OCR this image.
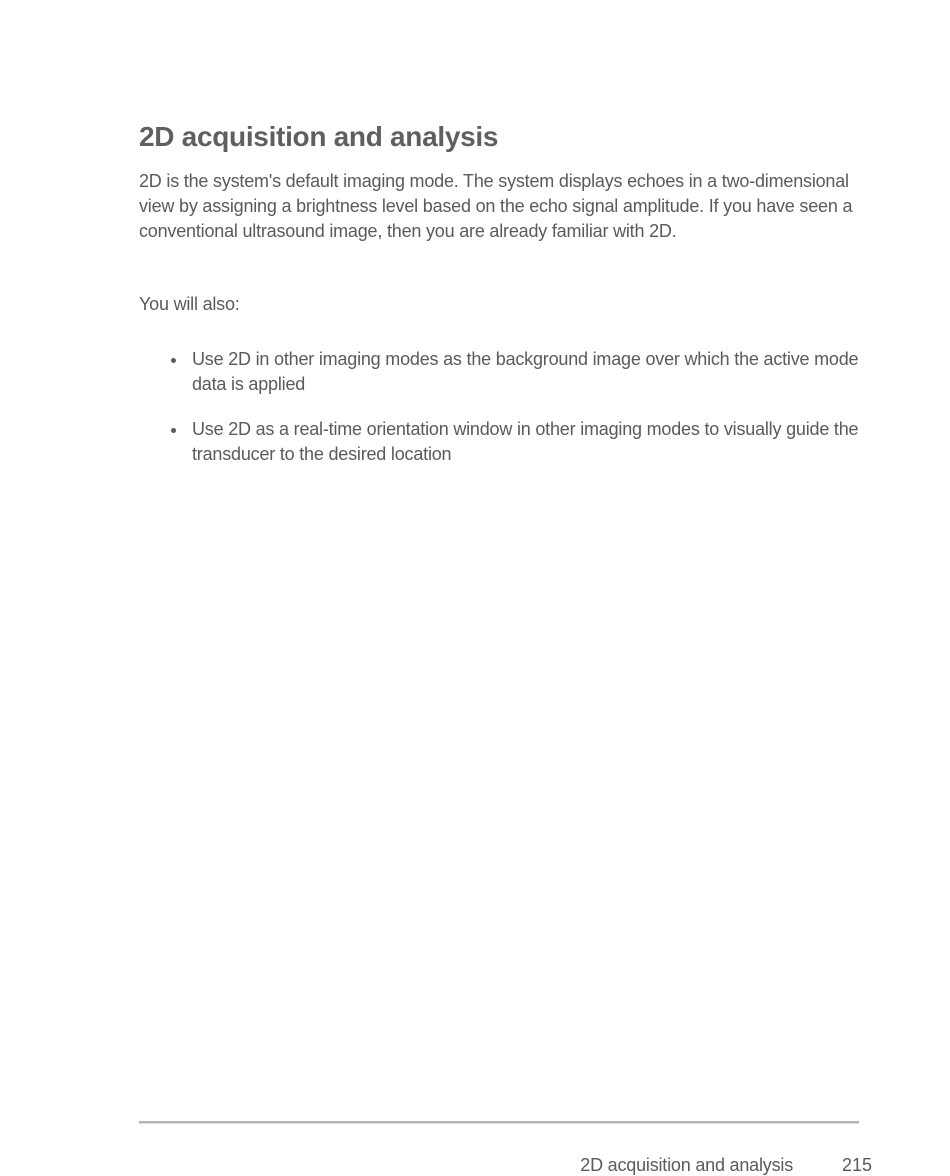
2D acquisition and analysis

2D is the system's default imaging mode. The system displays echoes in a two-dimensional view by assigning a brightness level based on the echo signal amplitude. If you have seen a conventional ultrasound image, then you are already familiar with 2D.

You will also:

Use 2D in other imaging modes as the background image over which the active mode data is applied
Use 2D as a real-time orientation window in other imaging modes to visually guide the transducer to the desired location
2D acquisition and analysis	215
